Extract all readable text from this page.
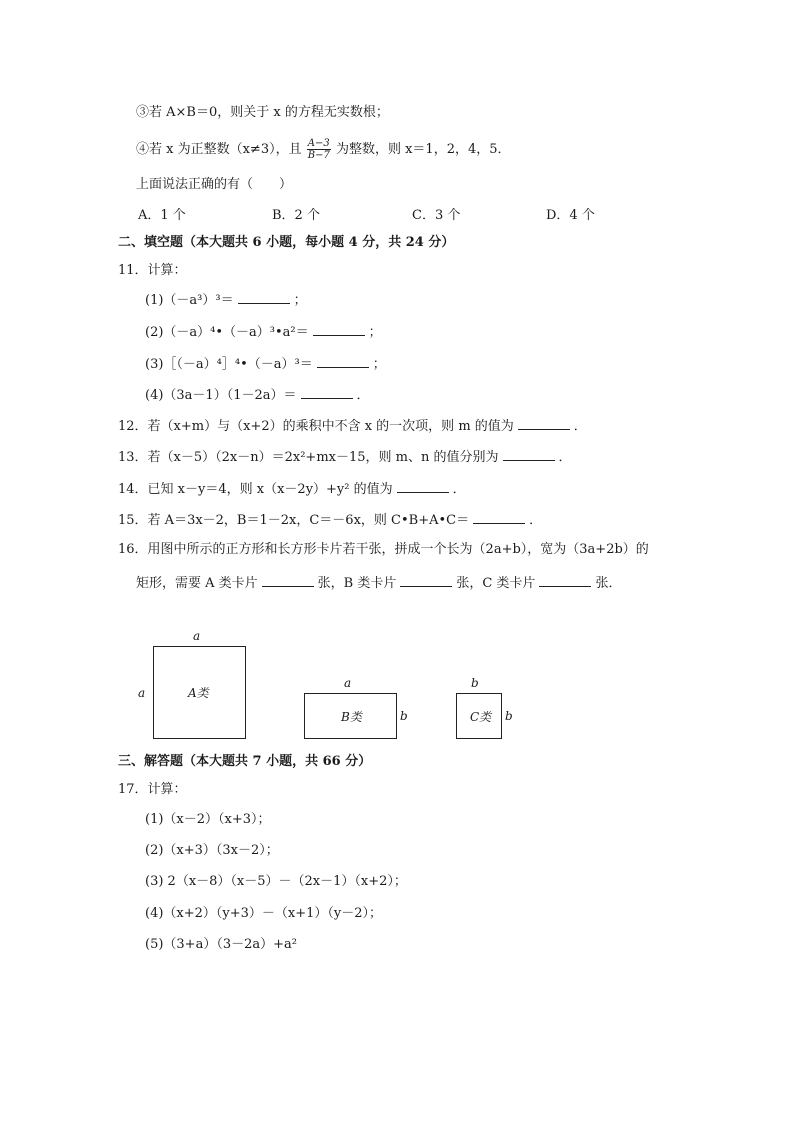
③若 A×B＝0，则关于 x 的方程无实数根；
④若 x 为正整数（x≠3），且 $\frac{A-3}{B-7}$ 为整数，则 x＝1，2，4，5．
上面说法正确的有（　　）
A．1 个	B．2 个	C．3 个	D．4 个
二、填空题（本大题共 6 小题，每小题 4 分，共 24 分）
11．计算：
(1)（－a³）³＝	；
(2)（－a）⁴•（－a）³•a²＝	；
(3)［（－a）⁴］⁴•（－a）³＝	；
(4)（3a－1）（1－2a）＝	．
12．若（x+m）与（x+2）的乘积中不含 x 的一次项，则 m 的值为	．
13．若（x－5）（2x－n）＝2x²+mx－15，则 m、n 的值分别为	．
14．已知 x－y＝4，则 x（x－2y）+y² 的值为	．
15．若 A＝3x－2，B＝1－2x，C＝－6x，则 C•B+A•C＝	．
16．用图中所示的正方形和长方形卡片若干张，拼成一个长为（2a+b），宽为（3a+2b）的
矩形，需要 A 类卡片	张，B 类卡片	张，C 类卡片	张．
a
a	A类
a
B类	b
b
C类 b
三、解答题（本大题共 7 小题，共 66 分）
17．计算：
(1)（x－2）（x+3）；
(2)（x+3）（3x－2）；
(3) 2（x－8）（x－5）－（2x－1）（x+2）；
(4)（x+2）（y+3）－（x+1）（y－2）；
(5)（3+a）（3－2a）+a²
